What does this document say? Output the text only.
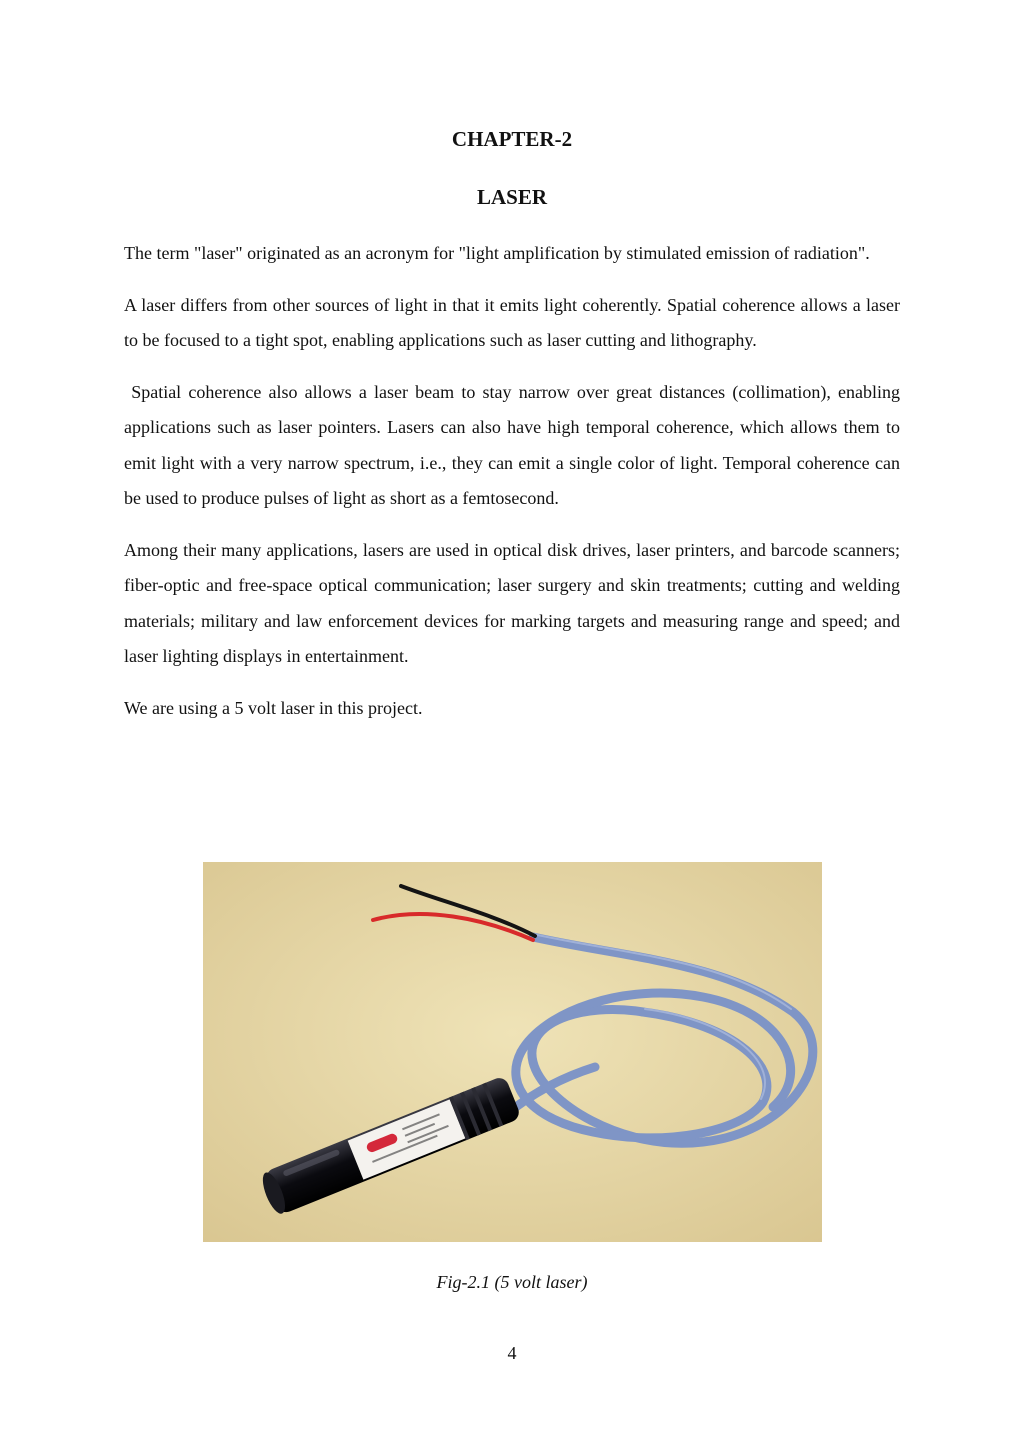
CHAPTER-2
LASER

The term "laser" originated as an acronym for "light amplification by stimulated emission of radiation".

A laser differs from other sources of light in that it emits light coherently. Spatial coherence allows a laser to be focused to a tight spot, enabling applications such as laser cutting and lithography.

Spatial coherence also allows a laser beam to stay narrow over great distances (collimation), enabling applications such as laser pointers. Lasers can also have high temporal coherence, which allows them to emit light with a very narrow spectrum, i.e., they can emit a single color of light. Temporal coherence can be used to produce pulses of light as short as a femtosecond.

Among their many applications, lasers are used in optical disk drives, laser printers, and barcode scanners; fiber-optic and free-space optical communication; laser surgery and skin treatments; cutting and welding materials; military and law enforcement devices for marking targets and measuring range and speed; and laser lighting displays in entertainment.

We are using a 5 volt laser in this project.

Fig-2.1 (5 volt laser)
4
